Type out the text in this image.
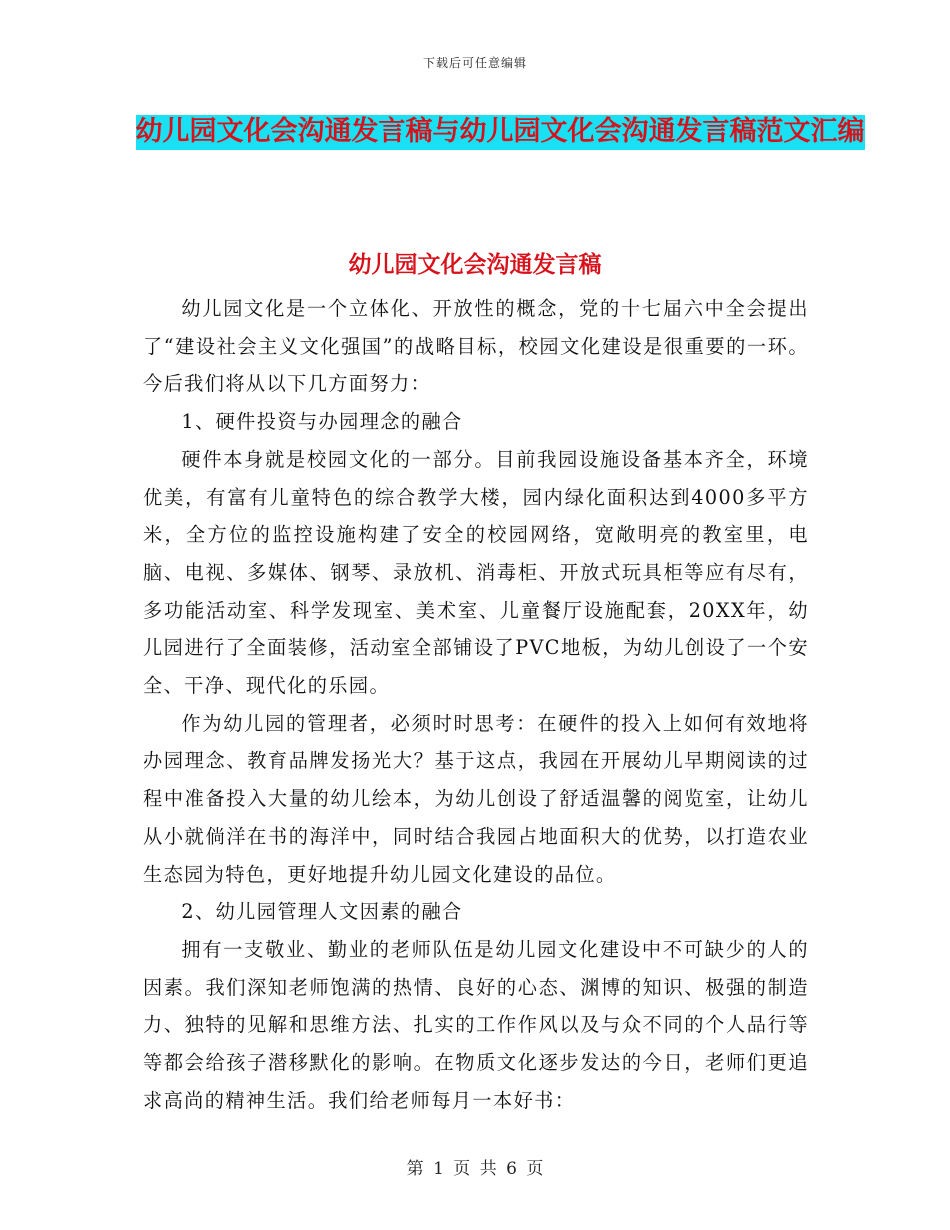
下载后可任意编辑
幼儿园文化会沟通发言稿与幼儿园文化会沟通发言稿范文汇编
幼儿园文化会沟通发言稿

幼儿园文化是一个立体化、开放性的概念，党的十七届六中全会提出了“建设社会主义文化强国”的战略目标，校园文化建设是很重要的一环。今后我们将从以下几方面努力：

1、硬件投资与办园理念的融合

硬件本身就是校园文化的一部分。目前我园设施设备基本齐全，环境优美，有富有儿童特色的综合教学大楼，园内绿化面积达到4000多平方米，全方位的监控设施构建了安全的校园网络，宽敞明亮的教室里，电脑、电视、多媒体、钢琴、录放机、消毒柜、开放式玩具柜等应有尽有，多功能活动室、科学发现室、美术室、儿童餐厅设施配套，20XX年，幼儿园进行了全面装修，活动室全部铺设了PVC地板，为幼儿创设了一个安全、干净、现代化的乐园。

作为幼儿园的管理者，必须时时思考：在硬件的投入上如何有效地将办园理念、教育品牌发扬光大？基于这点，我园在开展幼儿早期阅读的过程中准备投入大量的幼儿绘本，为幼儿创设了舒适温馨的阅览室，让幼儿从小就倘洋在书的海洋中，同时结合我园占地面积大的优势，以打造农业生态园为特色，更好地提升幼儿园文化建设的品位。

2、幼儿园管理人文因素的融合

拥有一支敬业、勤业的老师队伍是幼儿园文化建设中不可缺少的人的因素。我们深知老师饱满的热情、良好的心态、渊博的知识、极强的制造力、独特的见解和思维方法、扎实的工作作风以及与众不同的个人品行等等都会给孩子潜移默化的影响。在物质文化逐步发达的今日，老师们更追求高尚的精神生活。我们给老师每月一本好书：

第 1 页 共 6 页
